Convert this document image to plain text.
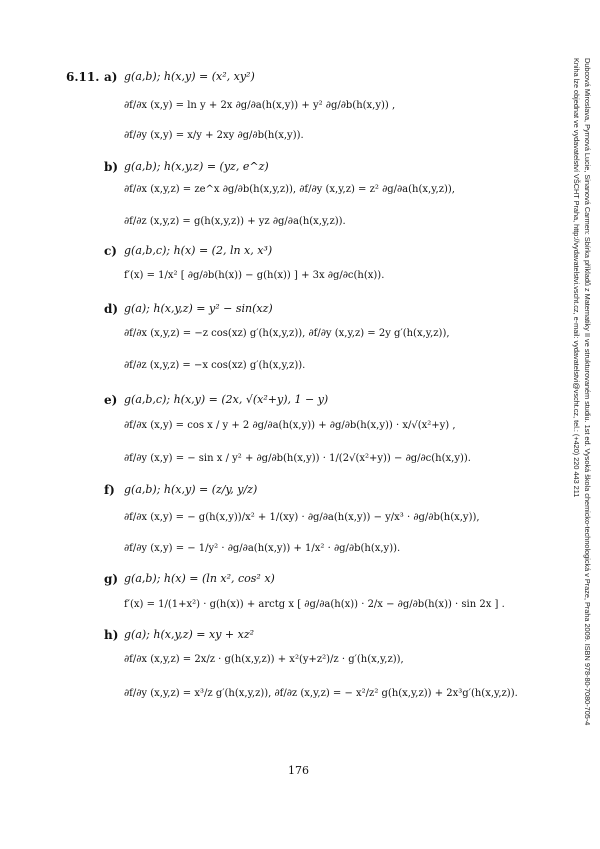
6.11. a) g(a,b); h(x,y) = (x², xy²)
∂f/∂x (x,y) = ln y + 2x ∂g/∂a(h(x,y)) + y² ∂g/∂b(h(x,y)) ,
∂f/∂y (x,y) = x/y + 2xy ∂g/∂b(h(x,y)).
b) g(a,b); h(x,y,z) = (yz, e^z)
∂f/∂x (x,y,z) = ze^x ∂g/∂b(h(x,y,z)), ∂f/∂y (x,y,z) = z² ∂g/∂a(h(x,y,z)),
∂f/∂z (x,y,z) = g(h(x,y,z)) + yz ∂g/∂a(h(x,y,z)).
c) g(a,b,c); h(x) = (2, ln x, x³)
f′(x) = 1/x² [ ∂g/∂b(h(x)) − g(h(x)) ] + 3x ∂g/∂c(h(x)).
d) g(a); h(x,y,z) = y² − sin(xz)
∂f/∂x (x,y,z) = −z cos(xz) g′(h(x,y,z)), ∂f/∂y (x,y,z) = 2y g′(h(x,y,z)),
∂f/∂z (x,y,z) = −x cos(xz) g′(h(x,y,z)).
e) g(a,b,c); h(x,y) = (2x, √(x²+y), 1 − y)
∂f/∂x (x,y) = cos x / y + 2 ∂g/∂a(h(x,y)) + ∂g/∂b(h(x,y)) · x/√(x²+y) ,
∂f/∂y (x,y) = − sin x / y² + ∂g/∂b(h(x,y)) · 1/(2√(x²+y)) − ∂g/∂c(h(x,y)).
f) g(a,b); h(x,y) = (z/y, y/z)
∂f/∂x (x,y) = − g(h(x,y))/x² + 1/(xy) · ∂g/∂a(h(x,y)) − y/x³ · ∂g/∂b(h(x,y)),
∂f/∂y (x,y) = − 1/y² · ∂g/∂a(h(x,y)) + 1/x² · ∂g/∂b(h(x,y)).
g) g(a,b); h(x) = (ln x², cos² x)
f′(x) = 1/(1+x²) · g(h(x)) + arctg x [ ∂g/∂a(h(x)) · 2/x − ∂g/∂b(h(x)) · sin 2x ] .
h) g(a); h(x,y,z) = xy + xz²
∂f/∂x (x,y,z) = 2x/z · g(h(x,y,z)) + x²(y+z²)/z · g′(h(x,y,z)),
∂f/∂y (x,y,z) = x³/z g′(h(x,y,z)), ∂f/∂z (x,y,z) = − x²/z² g(h(x,y,z)) + 2x³g′(h(x,y,z)).
176
Dubcová Miroslava, Pyrnová Lucie, Sinanová Carmen: Sbírka příkladů z Matematiky II ve strukturovaném studiu. 1st ed. Vysoká škola chemicko-technologická v Praze, Praha 2009. ISBN 978-80-7080-705-4
Kniha lze objednat ve vydavatelství VŠCHT Praha, http://vydavatelstvi.vscht.cz, e-mail: vydavatelstvi@vscht.cz, tel.: (+420) 220 443 211
